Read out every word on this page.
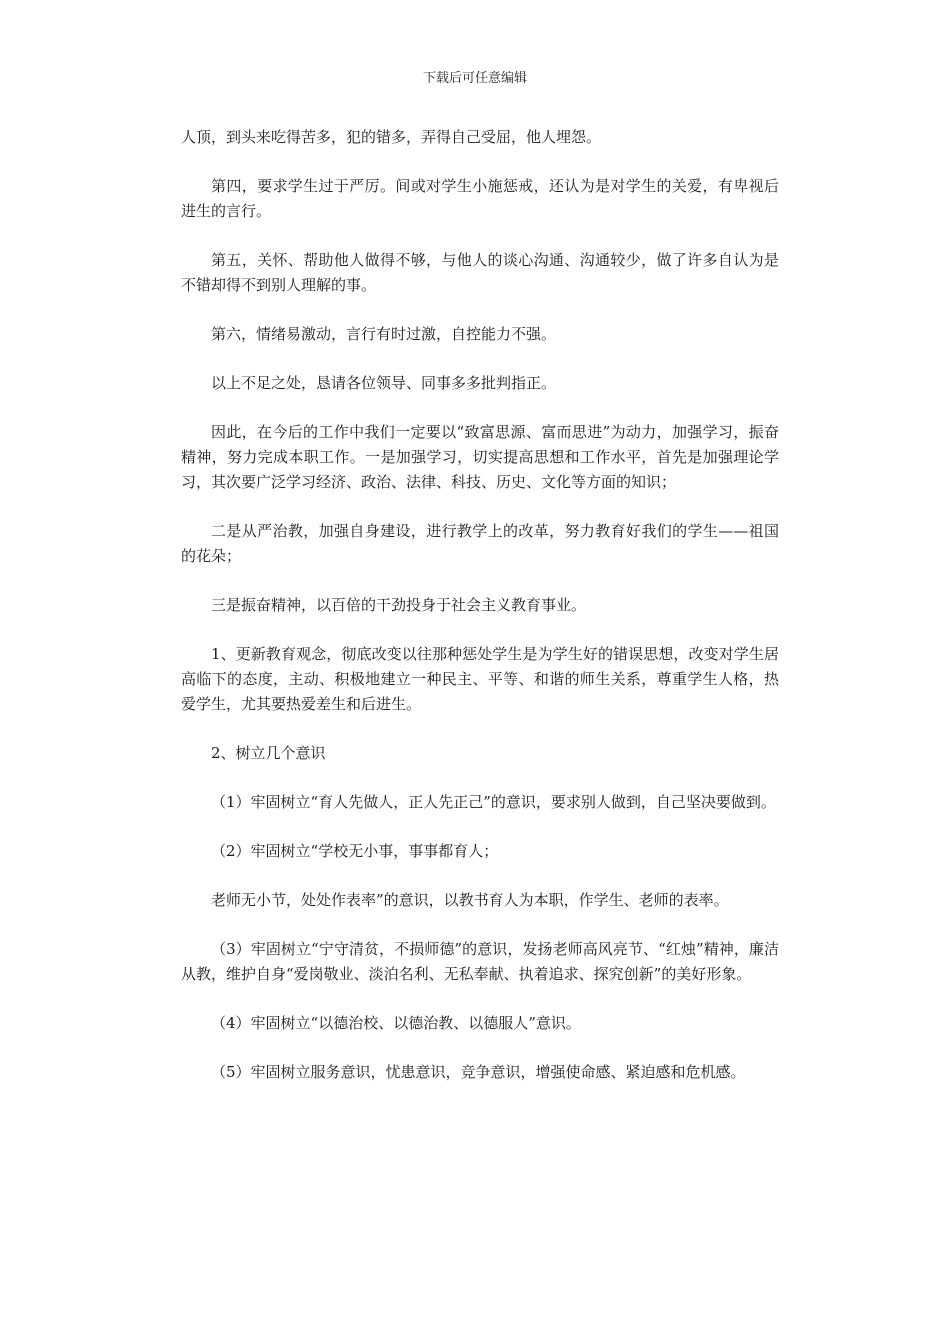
下载后可任意编辑

人顶，到头来吃得苦多，犯的错多，弄得自己受屈，他人埋怨。

第四，要求学生过于严厉。间或对学生小施惩戒，还认为是对学生的关爱，有卑视后进生的言行。

第五，关怀、帮助他人做得不够，与他人的谈心沟通、沟通较少，做了许多自认为是不错却得不到别人理解的事。

第六，情绪易激动，言行有时过激，自控能力不强。

以上不足之处，恳请各位领导、同事多多批判指正。

因此，在今后的工作中我们一定要以“致富思源、富而思进”为动力，加强学习，振奋精神，努力完成本职工作。一是加强学习，切实提高思想和工作水平，首先是加强理论学习，其次要广泛学习经济、政治、法律、科技、历史、文化等方面的知识；

二是从严治教，加强自身建设，进行教学上的改革，努力教育好我们的学生——祖国的花朵；

三是振奋精神，以百倍的干劲投身于社会主义教育事业。

1、更新教育观念，彻底改变以往那种惩处学生是为学生好的错误思想，改变对学生居高临下的态度，主动、积极地建立一种民主、平等、和谐的师生关系，尊重学生人格，热爱学生，尤其要热爱差生和后进生。

2、树立几个意识

（1）牢固树立“育人先做人，正人先正己”的意识，要求别人做到，自己坚决要做到。

（2）牢固树立“学校无小事，事事都育人；

老师无小节，处处作表率”的意识，以教书育人为本职，作学生、老师的表率。

（3）牢固树立“宁守清贫，不损师德”的意识，发扬老师高风亮节、“红烛”精神，廉洁从教，维护自身“爱岗敬业、淡泊名利、无私奉献、执着追求、探究创新”的美好形象。

（4）牢固树立“以德治校、以德治教、以德服人”意识。

（5）牢固树立服务意识，忧患意识，竞争意识，增强使命感、紧迫感和危机感。
